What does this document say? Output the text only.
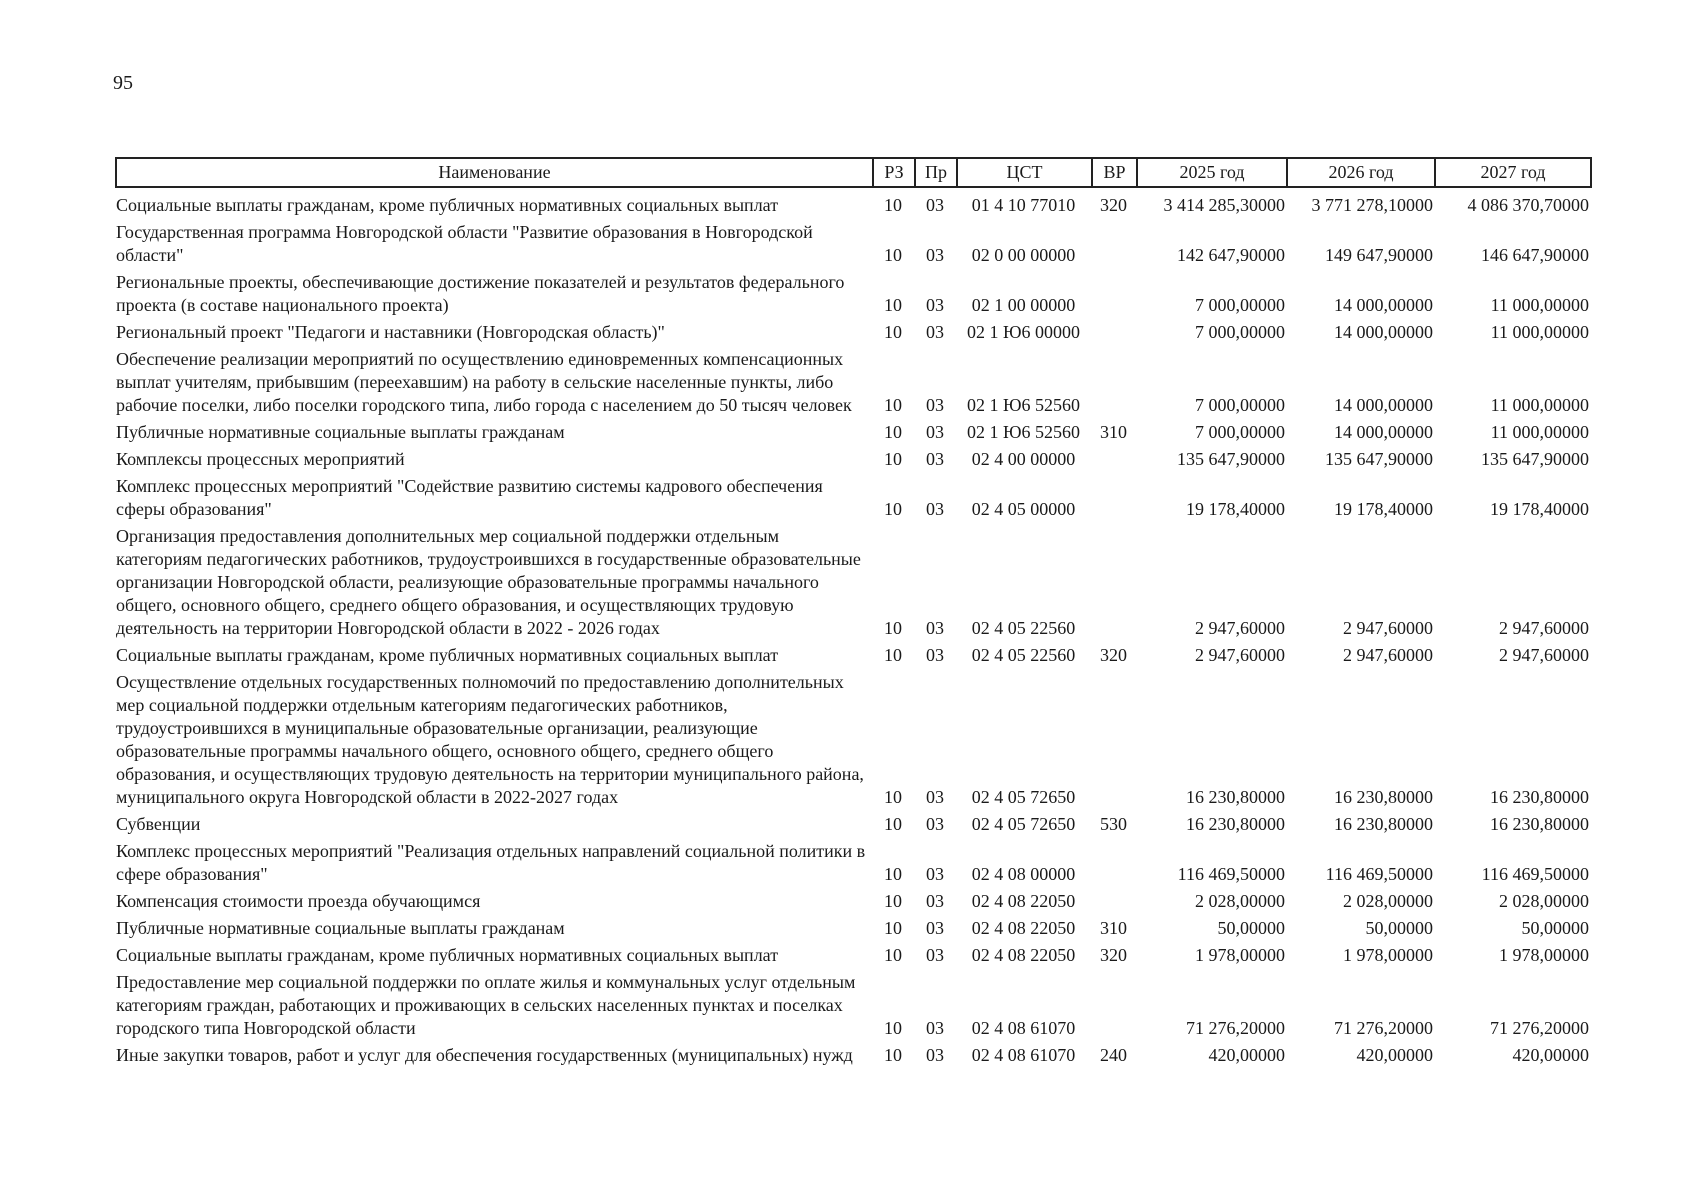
95
Наименование	РЗ	Пр	ЦСТ	ВР	2025 год	2026 год	2027 год
Социальные выплаты гражданам, кроме публичных нормативных социальных выплат	10	03	01 4 10 77010	320	3 414 285,30000	3 771 278,10000	4 086 370,70000
Государственная программа Новгородской области "Развитие образования в Новгородской области"	10	03	02 0 00 00000		142 647,90000	149 647,90000	146 647,90000
Региональные проекты, обеспечивающие достижение показателей и результатов федерального проекта (в составе национального проекта)	10	03	02 1 00 00000		7 000,00000	14 000,00000	11 000,00000
Региональный проект "Педагоги и наставники (Новгородская область)"	10	03	02 1 Ю6 00000		7 000,00000	14 000,00000	11 000,00000
Обеспечение реализации мероприятий по осуществлению единовременных компенсационных выплат учителям, прибывшим (переехавшим) на работу в сельские населенные пункты, либо рабочие поселки, либо поселки городского типа, либо города с населением до 50 тысяч человек	10	03	02 1 Ю6 52560		7 000,00000	14 000,00000	11 000,00000
Публичные нормативные социальные выплаты гражданам	10	03	02 1 Ю6 52560	310	7 000,00000	14 000,00000	11 000,00000
Комплексы процессных мероприятий	10	03	02 4 00 00000		135 647,90000	135 647,90000	135 647,90000
Комплекс процессных мероприятий "Содействие развитию системы кадрового обеспечения сферы образования"	10	03	02 4 05 00000		19 178,40000	19 178,40000	19 178,40000
Организация предоставления дополнительных мер социальной поддержки отдельным категориям педагогических работников, трудоустроившихся в государственные образовательные организации Новгородской области, реализующие образовательные программы начального общего, основного общего, среднего общего образования, и осуществляющих трудовую деятельность на территории Новгородской области в 2022 - 2026 годах	10	03	02 4 05 22560		2 947,60000	2 947,60000	2 947,60000
Социальные выплаты гражданам, кроме публичных нормативных социальных выплат	10	03	02 4 05 22560	320	2 947,60000	2 947,60000	2 947,60000
Осуществление отдельных государственных полномочий по предоставлению дополнительных мер социальной поддержки отдельным категориям педагогических работников, трудоустроившихся в муниципальные образовательные организации, реализующие образовательные программы начального общего, основного общего, среднего общего образования, и осуществляющих трудовую деятельность на территории муниципального района, муниципального округа Новгородской области в 2022-2027 годах	10	03	02 4 05 72650		16 230,80000	16 230,80000	16 230,80000
Субвенции	10	03	02 4 05 72650	530	16 230,80000	16 230,80000	16 230,80000
Комплекс процессных мероприятий "Реализация отдельных направлений социальной политики в сфере образования"	10	03	02 4 08 00000		116 469,50000	116 469,50000	116 469,50000
Компенсация стоимости проезда обучающимся	10	03	02 4 08 22050		2 028,00000	2 028,00000	2 028,00000
Публичные нормативные социальные выплаты гражданам	10	03	02 4 08 22050	310	50,00000	50,00000	50,00000
Социальные выплаты гражданам, кроме публичных нормативных социальных выплат	10	03	02 4 08 22050	320	1 978,00000	1 978,00000	1 978,00000
Предоставление мер социальной поддержки по оплате жилья и коммунальных услуг отдельным категориям граждан, работающих и проживающих в сельских населенных пунктах и поселках городского типа Новгородской области	10	03	02 4 08 61070		71 276,20000	71 276,20000	71 276,20000
Иные закупки товаров, работ и услуг для обеспечения государственных (муниципальных) нужд	10	03	02 4 08 61070	240	420,00000	420,00000	420,00000
